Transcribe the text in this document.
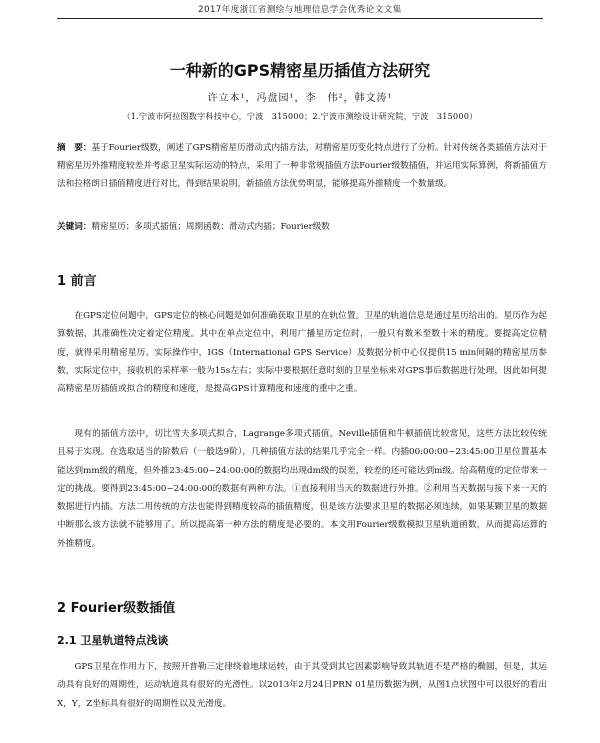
2017年度浙江省测绘与地理信息学会优秀论文文集
一种新的GPS精密星历插值方法研究
许立本¹，冯盘园¹，李　伟²，韩文涛¹
（1.宁波市阿拉图数字科技中心，宁波　315000；2.宁波市测绘设计研究院，宁波　315000）
摘　要：基于Fourier级数，阐述了GPS精密星历滑动式内插方法，对精密星历变化特点进行了分析。针对传统各类插值方法对于精密星历外推精度较差并考虑卫星实际运动的特点，采用了一种非常规插值方法Fourier级数插值，并运用实际算例，将新插值方法和拉格朗日插值精度进行对比，得到结果说明，新插值方法优势明显，能够提高外推精度一个数量级。
关键词：精密星历；多项式插值；周期函数；滑动式内插；Fourier级数
1 前言
在GPS定位问题中，GPS定位的核心问题是如何准确获取卫星的在轨位置。卫星的轨道信息是通过星历给出的。星历作为起算数据，其准确性决定着定位精度。其中在单点定位中，利用广播星历定位时，一般只有数米至数十米的精度。要提高定位精度，就得采用精密星历。实际操作中，IGS（International GPS Service）及数据分析中心仅提供15 min间隔的精密星历参数，实际定位中，接收机的采样率一般为15s左右；实际中要根据任意时刻的卫星坐标来对GPS事后数据进行处理，因此如何提高精密星历插值或拟合的精度和速度，是提高GPS计算精度和速度的重中之重。
现有的插值方法中，切比雪夫多项式拟合，Lagrange多项式插值，Neville插值和牛顿插值比较常见，这些方法比较传统且易于实现。在选取适当的阶数后（一般选9阶），几种插值方法的结果几乎完全一样。内插00:00:00~23:45:00卫星位置基本能达到mm级的精度，但外推23:45:00~24:00:00的数据均出现dm级的误差，较差的还可能达到m级。给高精度的定位带来一定的挑战。要得到23:45:00~24:00:00的数据有两种方法。①直接利用当天的数据进行外推。②利用当天数据与接下来一天的数据进行内插。方法二用传统的方法也能得到精度较高的插值精度，但是该方法要求卫星的数据必须连续，如果某颗卫星的数据中断那么该方法就不能够用了。所以提高第一种方法的精度是必要的。本文用Fourier级数模拟卫星轨道函数，从而提高运算的外推精度。
2 Fourier级数插值
2.1 卫星轨道特点浅谈
GPS卫星在作用力下，按照开普勒三定律绕着地球运转，由于其受到其它因素影响导致其轨道不是严格的椭圆，但是，其运动具有良好的周期性，运动轨道具有很好的光滑性。以2013年2月24日PRN 01星历数据为例，从图1点状图中可以很好的看出X，Y，Z坐标具有很好的周期性以及光滑度。
